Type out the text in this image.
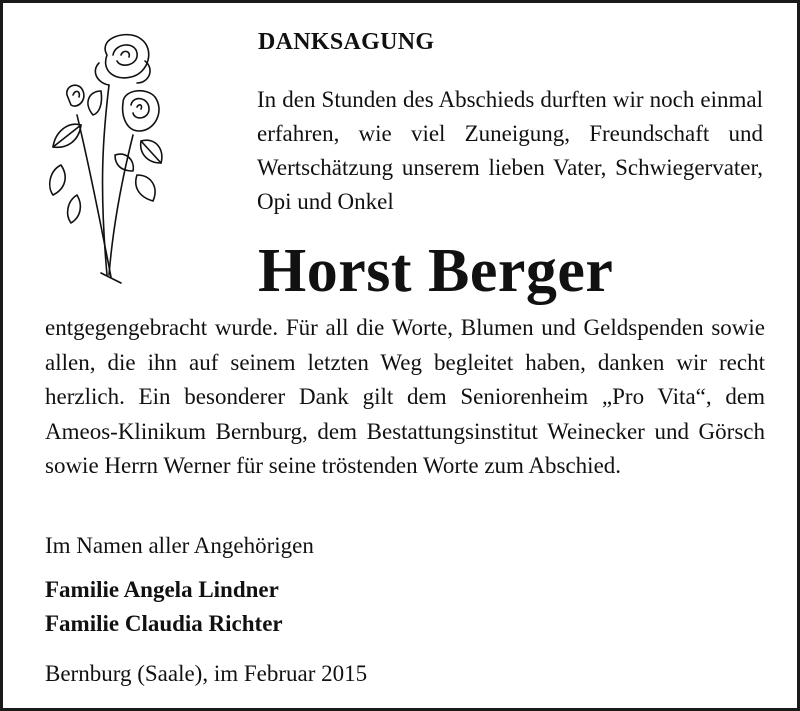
DANKSAGUNG
In den Stunden des Abschieds durften wir noch einmal erfahren, wie viel Zuneigung, Freundschaft und Wertschätzung unserem lieben Vater, Schwiegervater, Opi und Onkel
Horst Berger
entgegengebracht wurde. Für all die Worte, Blumen und Geldspenden sowie allen, die ihn auf seinem letzten Weg begleitet haben, danken wir recht herzlich. Ein besonderer Dank gilt dem Seniorenheim „Pro Vita“, dem Ameos-Klinikum Bernburg, dem Bestattungsinstitut Weinecker und Görsch sowie Herrn Werner für seine tröstenden Worte zum Abschied.
Im Namen aller Angehörigen
Familie Angela Lindner
Familie Claudia Richter
Bernburg (Saale), im Februar 2015
